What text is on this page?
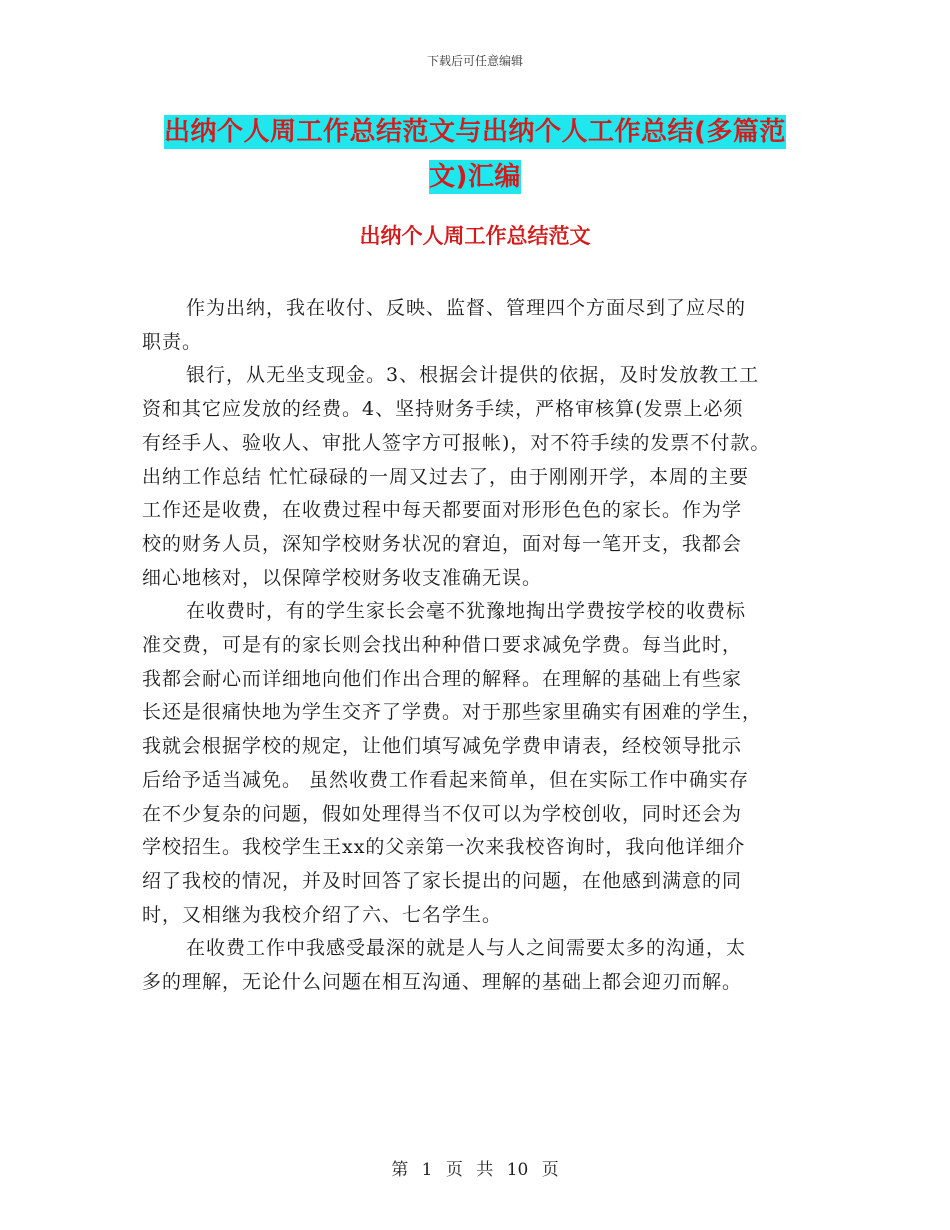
下载后可任意编辑
出纳个人周工作总结范文与出纳个人工作总结(多篇范
文)汇编
出纳个人周工作总结范文

作为出纳，我在收付、反映、监督、管理四个方面尽到了应尽的
职责。

银行，从无坐支现金。3、根据会计提供的依据，及时发放教工工
资和其它应发放的经费。4、坚持财务手续，严格审核算(发票上必须
有经手人、验收人、审批人签字方可报帐)，对不符手续的发票不付款。
出纳工作总结 忙忙碌碌的一周又过去了，由于刚刚开学，本周的主要
工作还是收费，在收费过程中每天都要面对形形色色的家长。作为学
校的财务人员，深知学校财务状况的窘迫，面对每一笔开支，我都会
细心地核对，以保障学校财务收支准确无误。

在收费时，有的学生家长会毫不犹豫地掏出学费按学校的收费标
准交费，可是有的家长则会找出种种借口要求减免学费。每当此时，
我都会耐心而详细地向他们作出合理的解释。在理解的基础上有些家
长还是很痛快地为学生交齐了学费。对于那些家里确实有困难的学生，
我就会根据学校的规定，让他们填写减免学费申请表，经校领导批示
后给予适当减免。 虽然收费工作看起来简单，但在实际工作中确实存
在不少复杂的问题，假如处理得当不仅可以为学校创收，同时还会为
学校招生。我校学生王xx的父亲第一次来我校咨询时，我向他详细介
绍了我校的情况，并及时回答了家长提出的问题，在他感到满意的同
时，又相继为我校介绍了六、七名学生。

在收费工作中我感受最深的就是人与人之间需要太多的沟通，太
多的理解，无论什么问题在相互沟通、理解的基础上都会迎刃而解。

第 1 页 共 10 页
